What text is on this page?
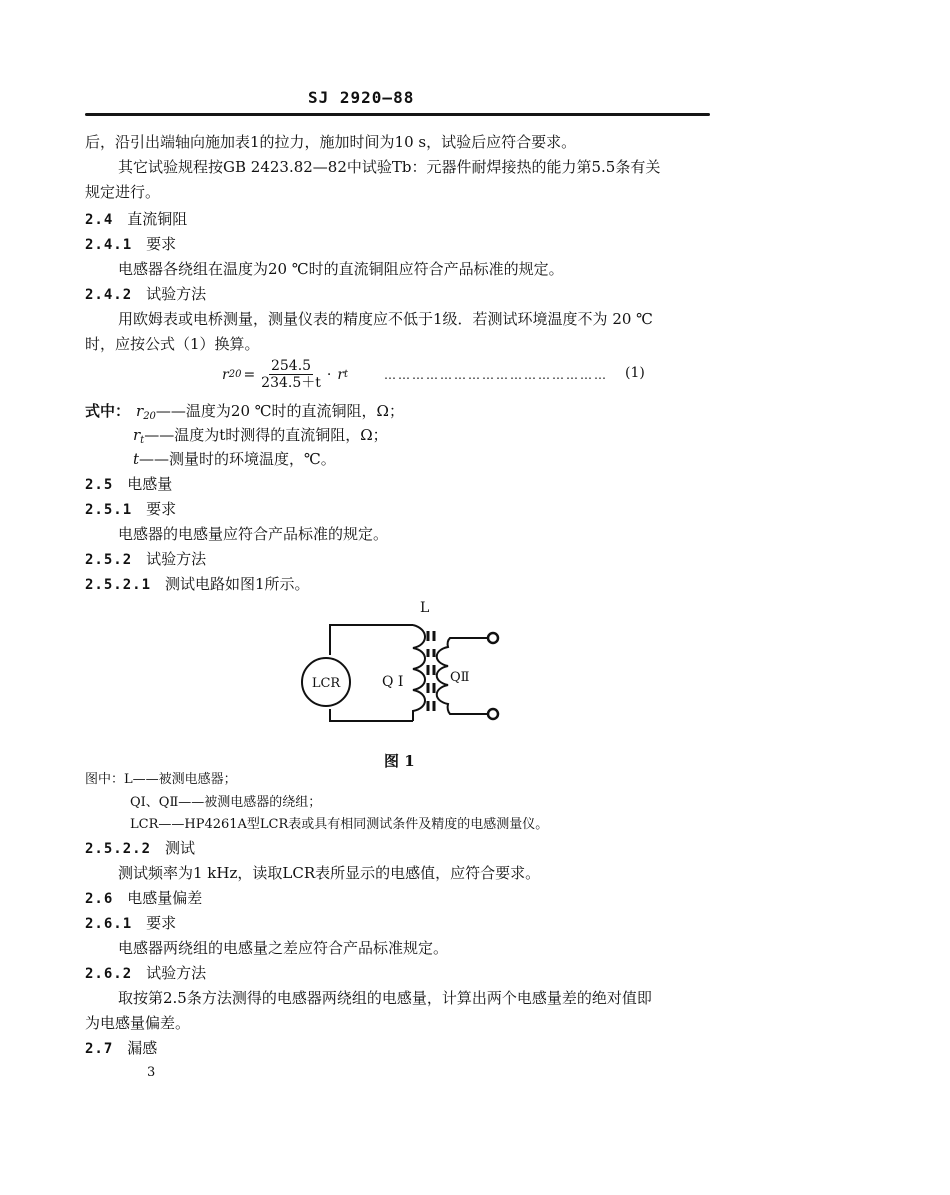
SJ 2920—88
后，沿引出端轴向施加表1的拉力，施加时间为10 s，试验后应符合要求。
其它试验规程按GB 2423.82—82中试验Tb：元器件耐焊接热的能力第5.5条有关
规定进行。
2.4 直流铜阻
2.4.1 要求
电感器各绕组在温度为20 ℃时的直流铜阻应符合产品标准的规定。
2.4.2 试验方法
用欧姆表或电桥测量，测量仪表的精度应不低于1级．若测试环境温度不为 20 ℃
时，应按公式（1）换算。
r $20 = \frac{254.5}{234.5+t} \cdot r$ t	………………………………………… (1)
式中： $r_{20}——$温度为20 ℃时的直流铜阻，Ω；
$r_t——$温度为t时测得的直流铜阻，Ω；
t——测量时的环境温度，℃。
2.5 电感量
2.5.1 要求
电感器的电感量应符合产品标准的规定。
2.5.2 试验方法
2.5.2.1 测试电路如图1所示。
L
LCR	Q I	QⅡ
图 1
图中：L——被测电感器；
QⅠ、QⅡ——被测电感器的绕组；
LCR——HP4261A型LCR表或具有相同测试条件及精度的电感测量仪。
2.5.2.2 测试
测试频率为1 kHz，读取LCR表所显示的电感值，应符合要求。
2.6 电感量偏差
2.6.1 要求
电感器两绕组的电感量之差应符合产品标准规定。
2.6.2 试验方法
取按第2.5条方法测得的电感器两绕组的电感量，计算出两个电感量差的绝对值即
为电感量偏差。
2.7 漏感
3
